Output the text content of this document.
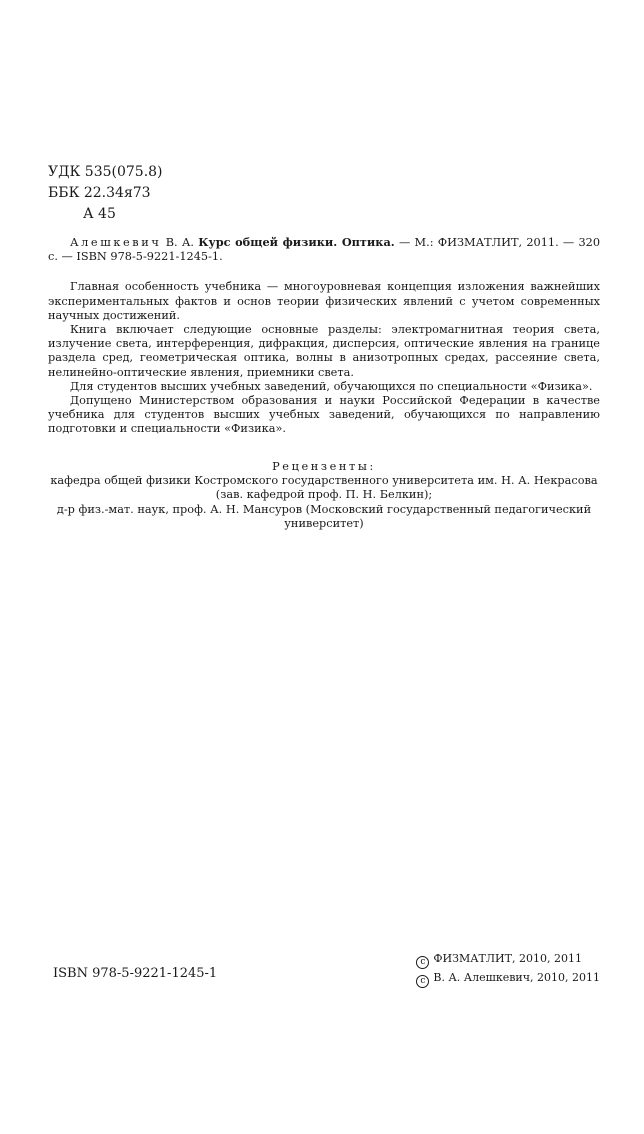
УДК 535(075.8)
ББК 22.34я73
А 45

Алешкевич В. А. Курс общей физики. Оптика. — М.: ФИЗМАТЛИТ, 2011. — 320 с. — ISBN 978-5-9221-1245-1.

Главная особенность учебника — многоуровневая концепция изложения важнейших экспериментальных фактов и основ теории физических явлений с учетом современных научных достижений.

Книга включает следующие основные разделы: электромагнитная теория света, излучение света, интерференция, дифракция, дисперсия, оптические явления на границе раздела сред, геометрическая оптика, волны в анизотропных средах, рассеяние света, нелинейно-оптические явления, приемники света.

Для студентов высших учебных заведений, обучающихся по специальности «Физика».

Допущено Министерством образования и науки Российской Федерации в качестве учебника для студентов высших учебных заведений, обучающихся по направлению подготовки и специальности «Физика».

Рецензенты:
кафедра общей физики Костромского государственного университета им. Н. А. Некрасова
(зав. кафедрой проф. П. Н. Белкин);
д-р физ.-мат. наук, проф. А. Н. Мансуров (Московский государственный педагогический
университет)
ISBN 978-5-9221-1245-1
c ФИЗМАТЛИТ, 2010, 2011
c В. А. Алешкевич, 2010, 2011
